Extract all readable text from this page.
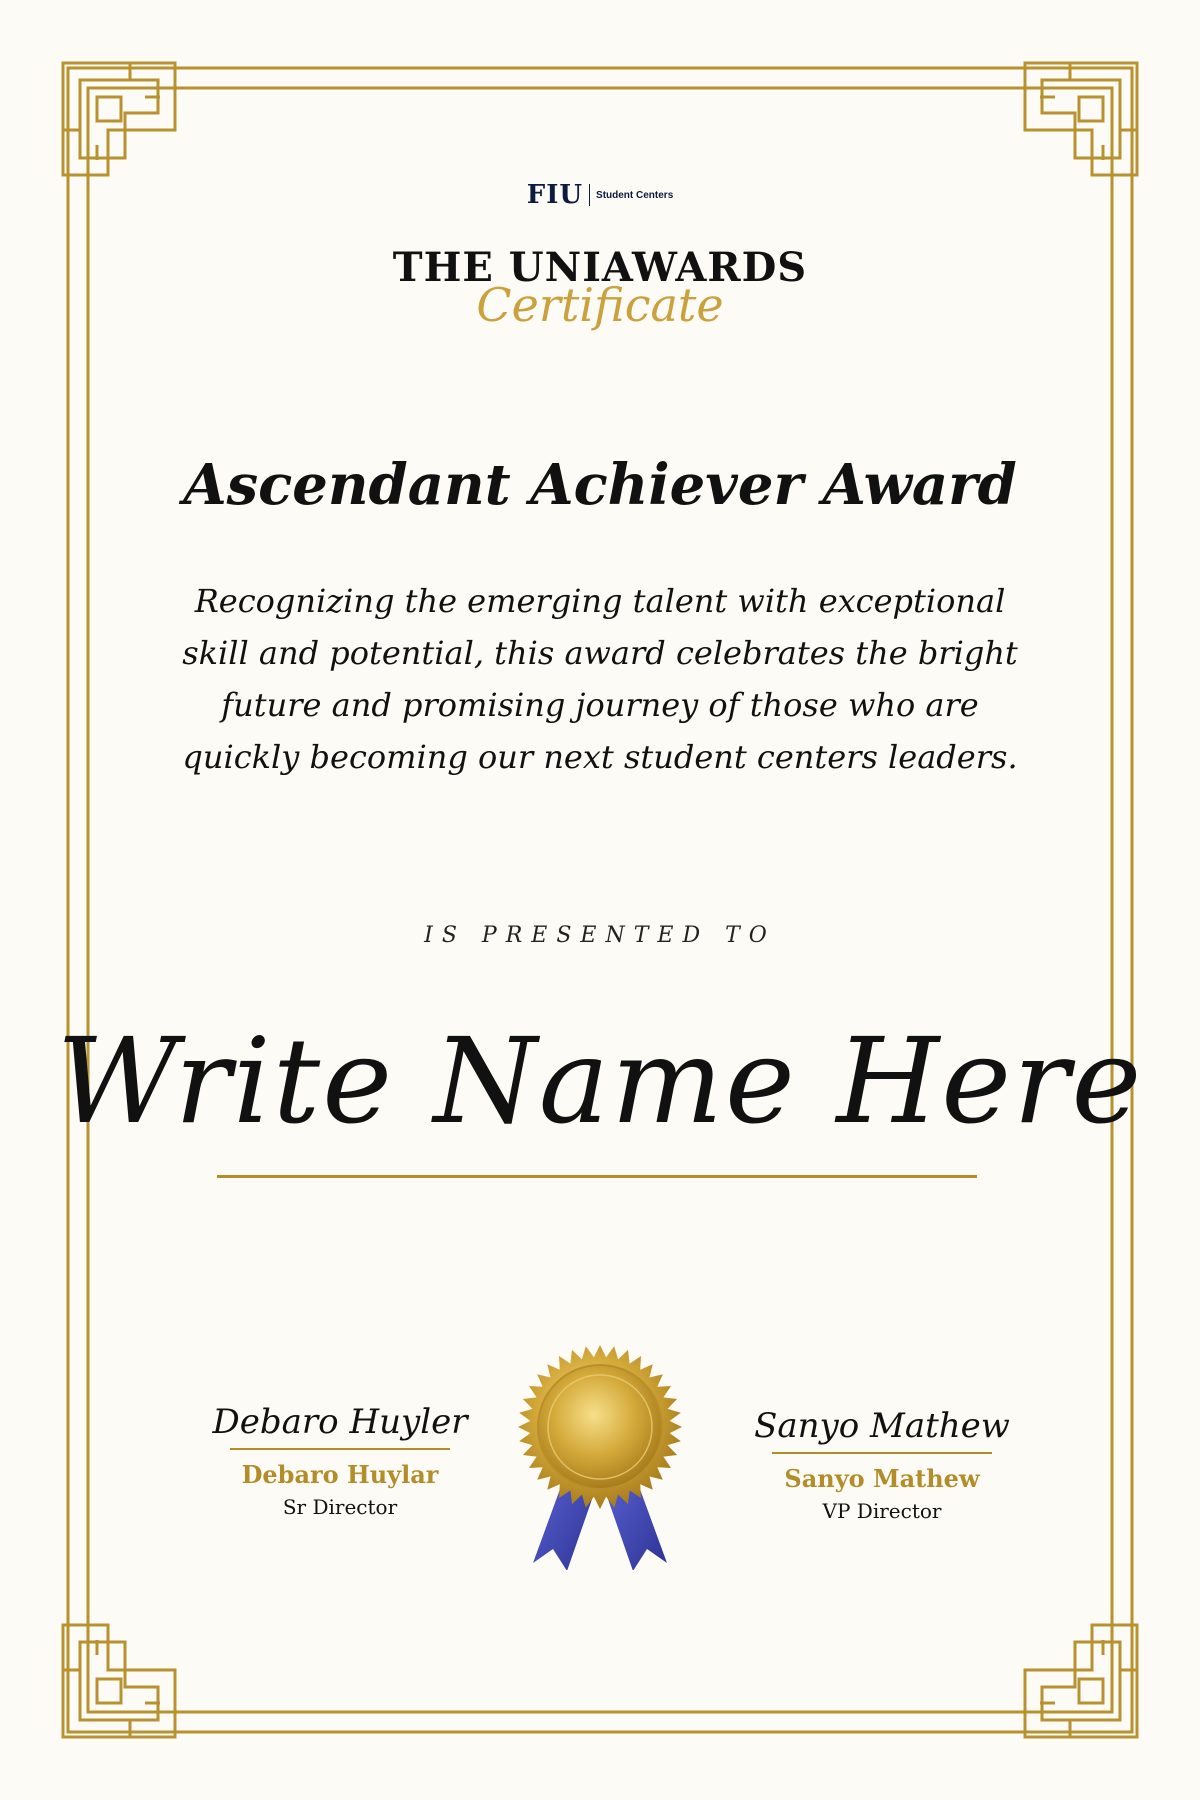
FIU Student Centers
THE UNIAWARDS
Certificate
Ascendant Achiever Award
Recognizing the emerging talent with exceptional
skill and potential, this award celebrates the bright
future and promising journey of those who are
quickly becoming our next student centers leaders.
IS PRESENTED TO
Write Name Here
Debaro Huyler
Debaro Huylar
Sr Director
Sanyo Mathew
Sanyo Mathew
VP Director
